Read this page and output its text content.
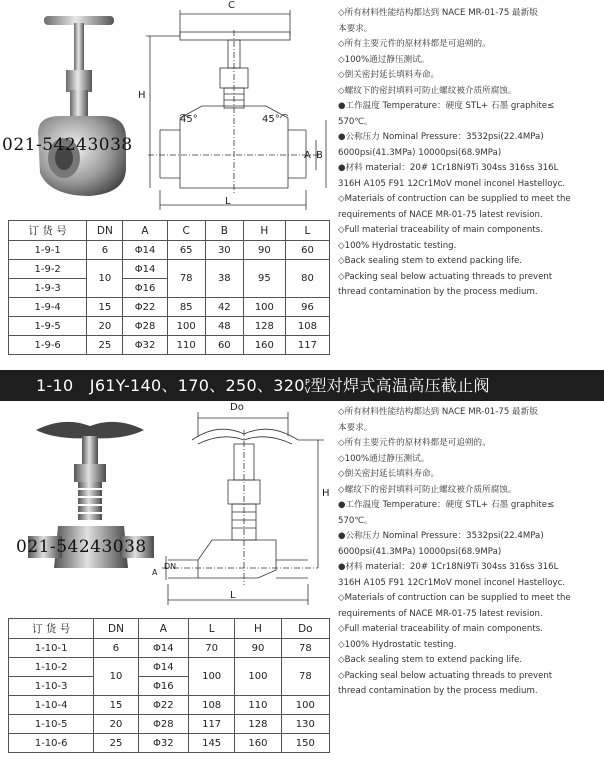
021-54243038
C
H
L
A B
45°	45°
◇所有材料性能结构都达到 NACE MR-01-75 最新版
本要求。
◇所有主要元件的原材料都是可追朔的。
◇100%通过静压测试。
◇倒关密封延长填料寿命。
◇螺纹下的密封填料可防止螺纹被介质所腐蚀。
●工作温度 Temperature：硬度 STL+ 石墨 graphite≤
570℃。
●公称压力 Nominal Pressure：3532psi(22.4MPa)
6000psi(41.3MPa) 10000psi(68.9MPa)
●材料 material：20# 1Cr18Ni9Ti 304ss 316ss 316L
316H A105 F91 12Cr1MoV monel inconel Hastelloyc.
◇Materials of contruction can be supplied to meet the
requirements of NACE MR-01-75 latest revision.
◇Full material traceability of main components.
◇100% Hydrostatic testing.
◇Back sealing stem to extend packing life.
◇Packing seal below actuating threads to prevent
thread contamination by the process medium.
订 货 号	DN	A	C	B	H	L
1-9-1	6	Φ14	65	30	90	60
1-9-2	10	Φ14	78	38	95	80
1-9-3		Φ16				
1-9-4	15	Φ22	85	42	100	96
1-9-5	20	Φ28	100	48	128	108
1-9-6	25	Φ32	110	60	160	117
1-10　J61Y-140、170、250、320P
V型对焊式高温高压截止阀
021-54243038
Do
H
L
A
DN
◇所有材料性能结构都达到 NACE MR-01-75 最新版
本要求。
◇所有主要元件的原材料都是可追朔的。
◇100%通过静压测试。
◇倒关密封延长填料寿命。
◇螺纹下的密封填料可防止螺纹被介质所腐蚀。
●工作温度 Temperature：硬度 STL+ 石墨 graphite≤
570℃。
●公称压力 Nominal Pressure：3532psi(22.4MPa)
6000psi(41.3MPa) 10000psi(68.9MPa)
●材料 material：20# 1Cr18Ni9Ti 304ss 316ss 316L
316H A105 F91 12Cr1MoV monel inconel Hastelloyc.
◇Materials of contruction can be supplied to meet the
requirements of NACE MR-01-75 latest revision.
◇Full material traceability of main components.
◇100% Hydrostatic testing.
◇Back sealing stem to extend packing life.
◇Packing seal below actuating threads to prevent
thread contamination by the process medium.
订 货 号	DN	A	L	H	Do
1-10-1	6	Φ14	70	90	78
1-10-2	10	Φ14	100	100	78
1-10-3		Φ16			
1-10-4	15	Φ22	108	110	100
1-10-5	20	Φ28	117	128	130
1-10-6	25	Φ32	145	160	150
